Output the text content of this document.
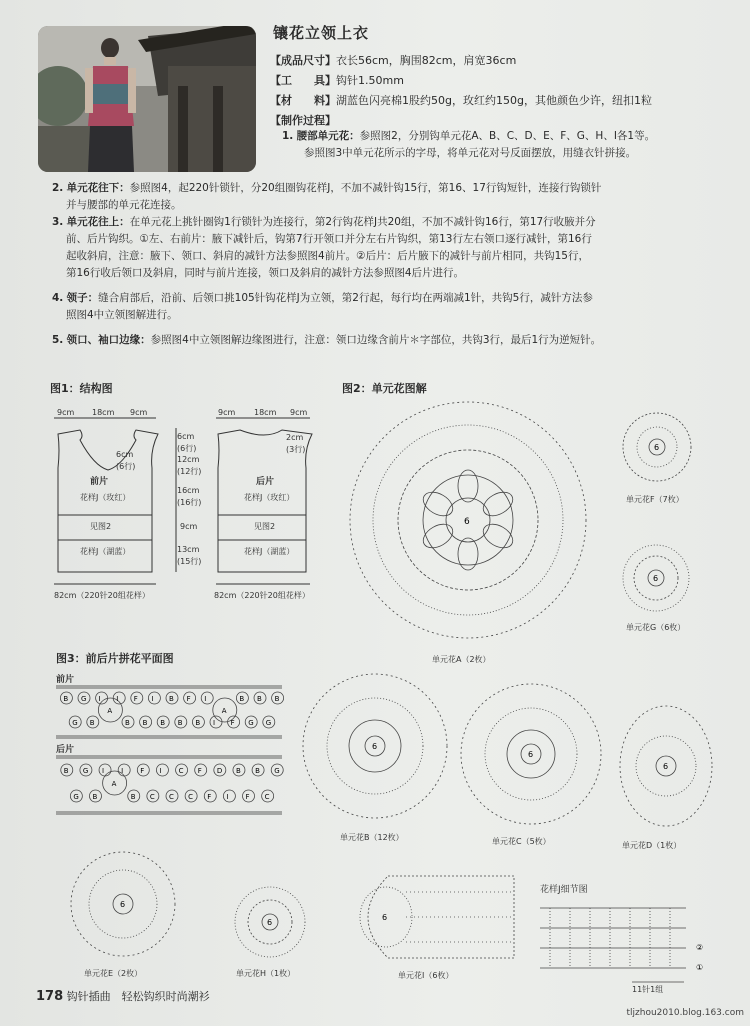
镶花立领上衣
【成品尺寸】衣长56cm，胸围82cm，肩宽36cm
【工　　具】钩针1.50mm
【材　　料】湖蓝色闪亮棉1股约50g，玫红约150g，其他颜色少许，纽扣1粒
【制作过程】
1. 腰部单元花：参照图2，分别钩单元花A、B、C、D、E、F、G、H、I各1等。
参照图3中单元花所示的字母，将单元花对号反面摆放，用缝衣针拼接。
2. 单元花往下：参照图4，起220针锁针，分20组圈钩花样J，不加不减针钩15行，第16、17行钩短针，连接行钩锁针
并与腰部的单元花连接。
3. 单元花往上：在单元花上挑针圈钩1行锁针为连接行，第2行钩花样J共20组，不加不减针钩16行，第17行收腋并分
前、后片钩织。①左、右前片：腋下减针后，钩第7行开领口并分左右片钩织，第13行左右领口逐行减针，第16行
起收斜肩，注意：腋下、领口、斜肩的减针方法参照图4前片。②后片：后片腋下的减针与前片相同，共钩15行，
第16行收后领口及斜肩，同时与前片连接，领口及斜肩的减针方法参照图4后片进行。
4. 领子：缝合肩部后，沿前、后领口挑105针钩花样J为立领，第2行起，每行均在两端减1针，共钩5行，减针方法参
照图4中立领图解进行。
5. 领口、袖口边缘：参照图4中立领图解边缘图进行，注意：领口边缘含前片＊字部位，共钩3行，最后1行为逆短针。
图1：结构图
9cm 18cm 9cm	9cm 18cm 9cm
6cm
(6行)
2cm
(3行)
6cm
(6行)
12cm
(12行)
16cm
(16行)
9cm
13cm
(15行)
前片
花样J（玫红）
见图2
花样J（湖蓝）
后片
花样J（玫红）
见图2
花样J（湖蓝）
82cm（220针20组花样）	82cm（220针20组花样）
图2：单元花图解
6
单元花A（2枚）
6
单元花F（7枚）
6
单元花G（6枚）
图3：前后片拼花平面图
前片
后片
B
G
G
B
I
A
I
B
F
B
I
B
B
B
F
B
I
I
A
F
B
G
B
G
B
B
G
G
B
I
A
I
B
F
C
I
C
C
C
F
F
D
I
B
F
B
C
G
6
单元花B（12枚）
6
单元花C（5枚）
6
单元花D（1枚）
6
单元花E（2枚）
6
单元花H（1枚）
6
单元花I（6枚）
花样J细节图
②
①
11针1组
178 钩针插曲　轻松钩织时尚潮衫
tljzhou2010.blog.163.com
